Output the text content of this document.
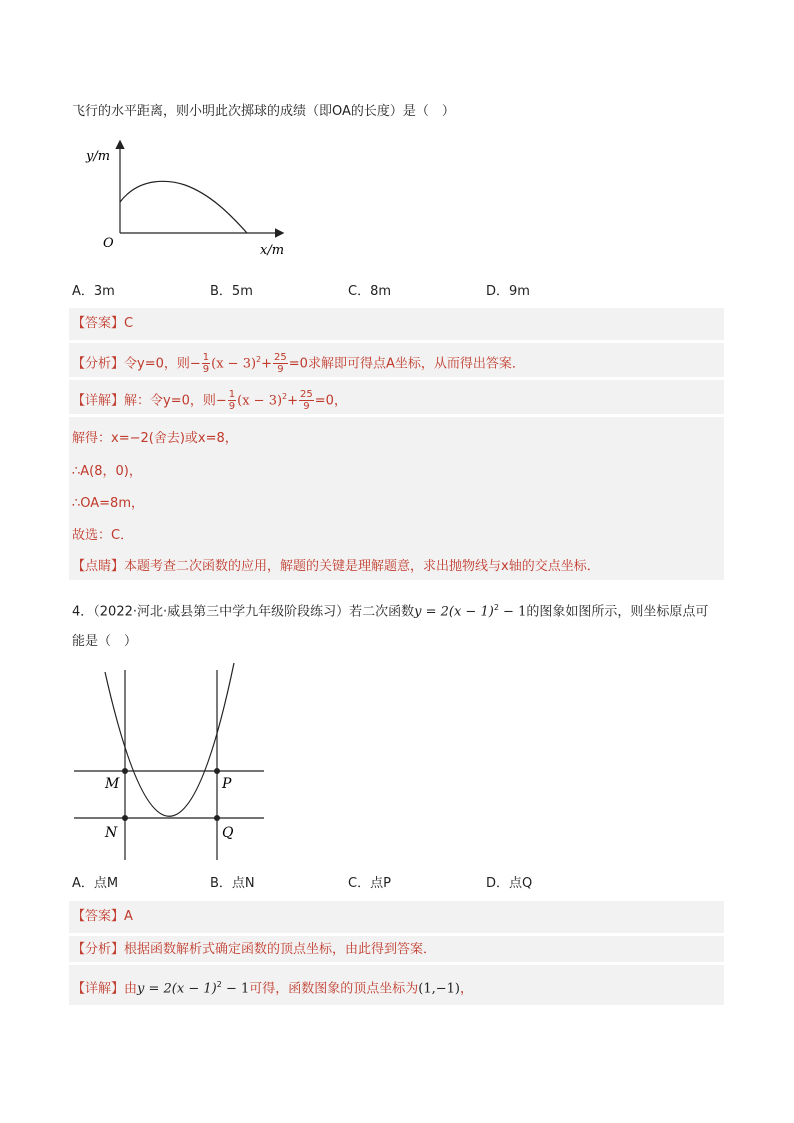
飞行的水平距离，则小明此次掷球的成绩（即OA的长度）是（　）
y/m
x/m
O
A．3m	B．5m	C．8m	D．9m
【答案】C
【分析】令y=0，则− $\frac{1}{9} (x - 3)^2+ \frac{25}{9} =0$求解即可得点A坐标，从而得出答案．
【详解】解：令y=0，则− $\frac{1}{9} (x - 3)^2+ \frac{25}{9} =0$，
解得：x=−2(舍去)或x=8，
∴A(8，0)，
∴OA=8m，
故选：C．
【点睛】本题考查二次函数的应用，解题的关键是理解题意，求出抛物线与x轴的交点坐标．
4．（2022·河北·威县第三中学九年级阶段练习）若二次函数$y = 2(x - 1)^2 - 1$的图象如图所示，则坐标原点可
能是（　）
M	P
N	Q
A．点M	B．点N	C．点P	D．点Q
【答案】A
【分析】根据函数解析式确定函数的顶点坐标，由此得到答案．
【详解】由$y = 2(x - 1)^2 - 1$可得，函数图象的顶点坐标为(1,−1)，
